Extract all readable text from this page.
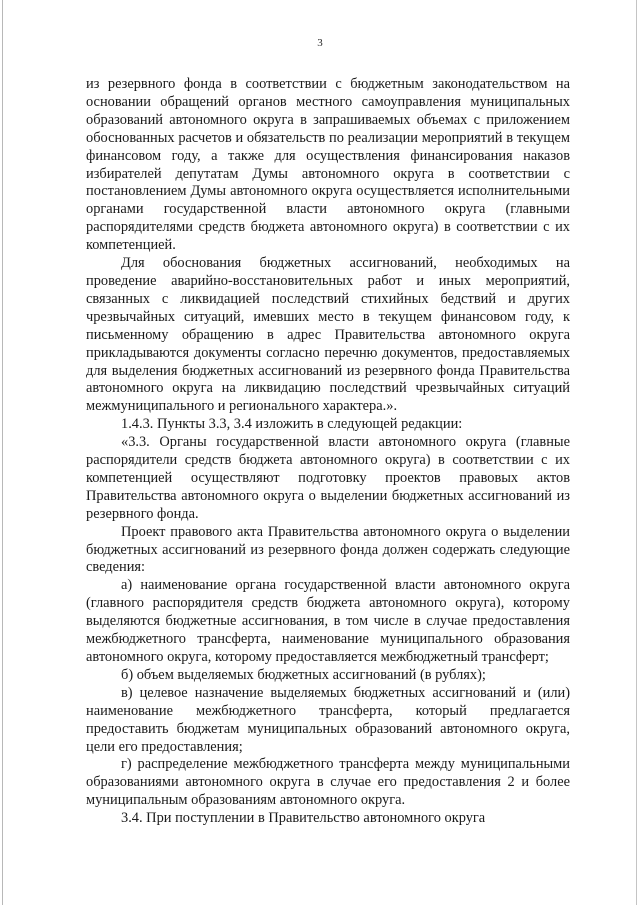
3

из резервного фонда в соответствии с бюджетным законодательством на основании обращений органов местного самоуправления муниципальных образований автономного округа в запрашиваемых объемах с приложением обоснованных расчетов и обязательств по реализации мероприятий в текущем финансовом году, а также для осуществления финансирования наказов избирателей депутатам Думы автономного округа в соответствии с постановлением Думы автономного округа осуществляется исполнительными органами государственной власти автономного округа (главными распорядителями средств бюджета автономного округа) в соответствии с их компетенцией.

Для обоснования бюджетных ассигнований, необходимых на проведение аварийно-восстановительных работ и иных мероприятий, связанных с ликвидацией последствий стихийных бедствий и других чрезвычайных ситуаций, имевших место в текущем финансовом году, к письменному обращению в адрес Правительства автономного округа прикладываются документы согласно перечню документов, предоставляемых для выделения бюджетных ассигнований из резервного фонда Правительства автономного округа на ликвидацию последствий чрезвычайных ситуаций межмуниципального и регионального характера.».

1.4.3. Пункты 3.3, 3.4 изложить в следующей редакции:

«3.3. Органы государственной власти автономного округа (главные распорядители средств бюджета автономного округа) в соответствии с их компетенцией осуществляют подготовку проектов правовых актов Правительства автономного округа о выделении бюджетных ассигнований из резервного фонда.

Проект правового акта Правительства автономного округа о выделении бюджетных ассигнований из резервного фонда должен содержать следующие сведения:

а) наименование органа государственной власти автономного округа (главного распорядителя средств бюджета автономного округа), которому выделяются бюджетные ассигнования, в том числе в случае предоставления межбюджетного трансферта, наименование муниципального образования автономного округа, которому предоставляется межбюджетный трансферт;

б) объем выделяемых бюджетных ассигнований (в рублях);

в) целевое назначение выделяемых бюджетных ассигнований и (или) наименование межбюджетного трансферта, который предлагается предоставить бюджетам муниципальных образований автономного округа, цели его предоставления;

г) распределение межбюджетного трансферта между муниципальными образованиями автономного округа в случае его предоставления 2 и более муниципальным образованиям автономного округа.

3.4. При поступлении в Правительство автономного округа
